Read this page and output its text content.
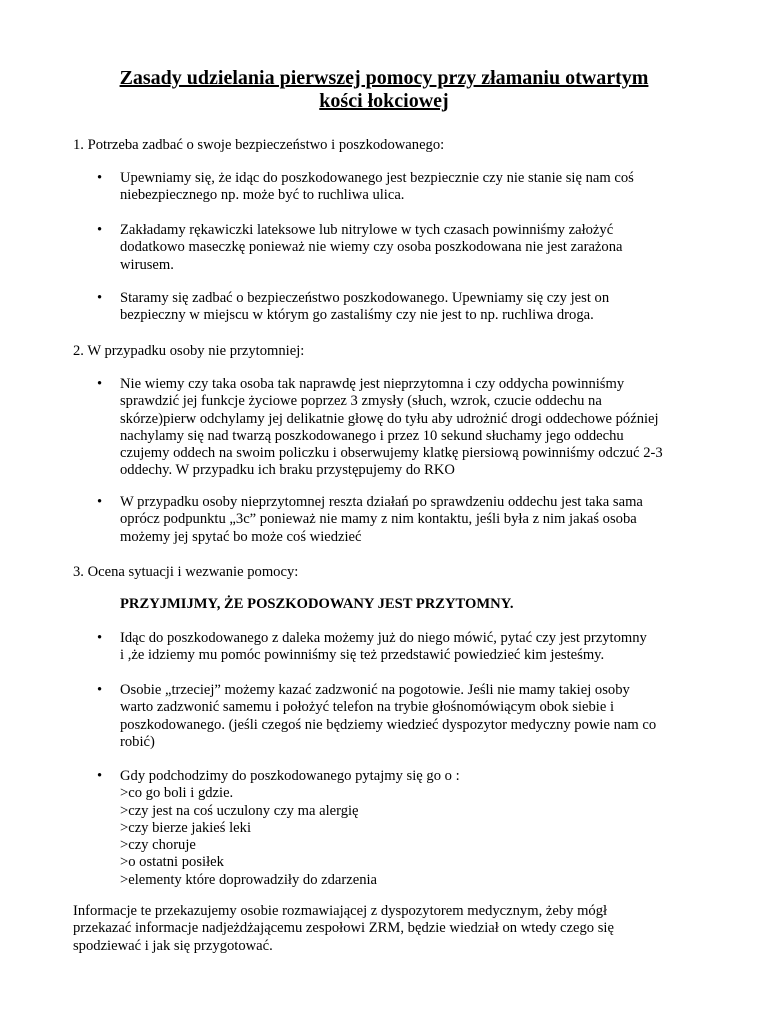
Zasady udzielania pierwszej pomocy przy złamaniu otwartym
kości łokciowej
1. Potrzeba zadbać o swoje bezpieczeństwo i poszkodowanego:
•	Upewniamy się, że idąc do poszkodowanego jest bezpiecznie czy nie stanie się nam coś
niebezpiecznego np. może być to ruchliwa ulica.
•	Zakładamy rękawiczki lateksowe lub nitrylowe w tych czasach powinniśmy założyć
dodatkowo maseczkę ponieważ nie wiemy czy osoba poszkodowana nie jest zarażona
wirusem.
•	Staramy się zadbać o bezpieczeństwo poszkodowanego. Upewniamy się czy jest on
bezpieczny w miejscu w którym go zastaliśmy czy nie jest to np. ruchliwa droga.
2. W przypadku osoby nie przytomniej:
•	Nie wiemy czy taka osoba tak naprawdę jest nieprzytomna i czy oddycha powinniśmy
sprawdzić jej funkcje życiowe poprzez 3 zmysły (słuch, wzrok, czucie oddechu na
skórze)pierw odchylamy jej delikatnie głowę do tyłu aby udrożnić drogi oddechowe później
nachylamy się nad twarzą poszkodowanego i przez 10 sekund słuchamy jego oddechu
czujemy oddech na swoim policzku i obserwujemy klatkę piersiową powinniśmy odczuć 2-3
oddechy. W przypadku ich braku przystępujemy do RKO
•	W przypadku osoby nieprzytomnej reszta działań po sprawdzeniu oddechu jest taka sama
oprócz podpunktu „3c” ponieważ nie mamy z nim kontaktu, jeśli była z nim jakaś osoba
możemy jej spytać bo może coś wiedzieć
3. Ocena sytuacji i wezwanie pomocy:
PRZYJMIJMY, ŻE POSZKODOWANY JEST PRZYTOMNY.
•	Idąc do poszkodowanego z daleka możemy już do niego mówić, pytać czy jest przytomny
i ,że idziemy mu pomóc powinniśmy się też przedstawić powiedzieć kim jesteśmy.
•	Osobie „trzeciej” możemy kazać zadzwonić na pogotowie. Jeśli nie mamy takiej osoby
warto zadzwonić samemu i położyć telefon na trybie głośnomówiącym obok siebie i
poszkodowanego. (jeśli czegoś nie będziemy wiedzieć dyspozytor medyczny powie nam co
robić)
•	Gdy podchodzimy do poszkodowanego pytajmy się go o :
>co go boli i gdzie.
>czy jest na coś uczulony czy ma alergię
>czy bierze jakieś leki
>czy choruje
>o ostatni posiłek
>elementy które doprowadziły do zdarzenia
Informacje te przekazujemy osobie rozmawiającej z dyspozytorem medycznym, żeby mógł
przekazać informacje nadjeżdżającemu zespołowi ZRM, będzie wiedział on wtedy czego się
spodziewać i jak się przygotować.
